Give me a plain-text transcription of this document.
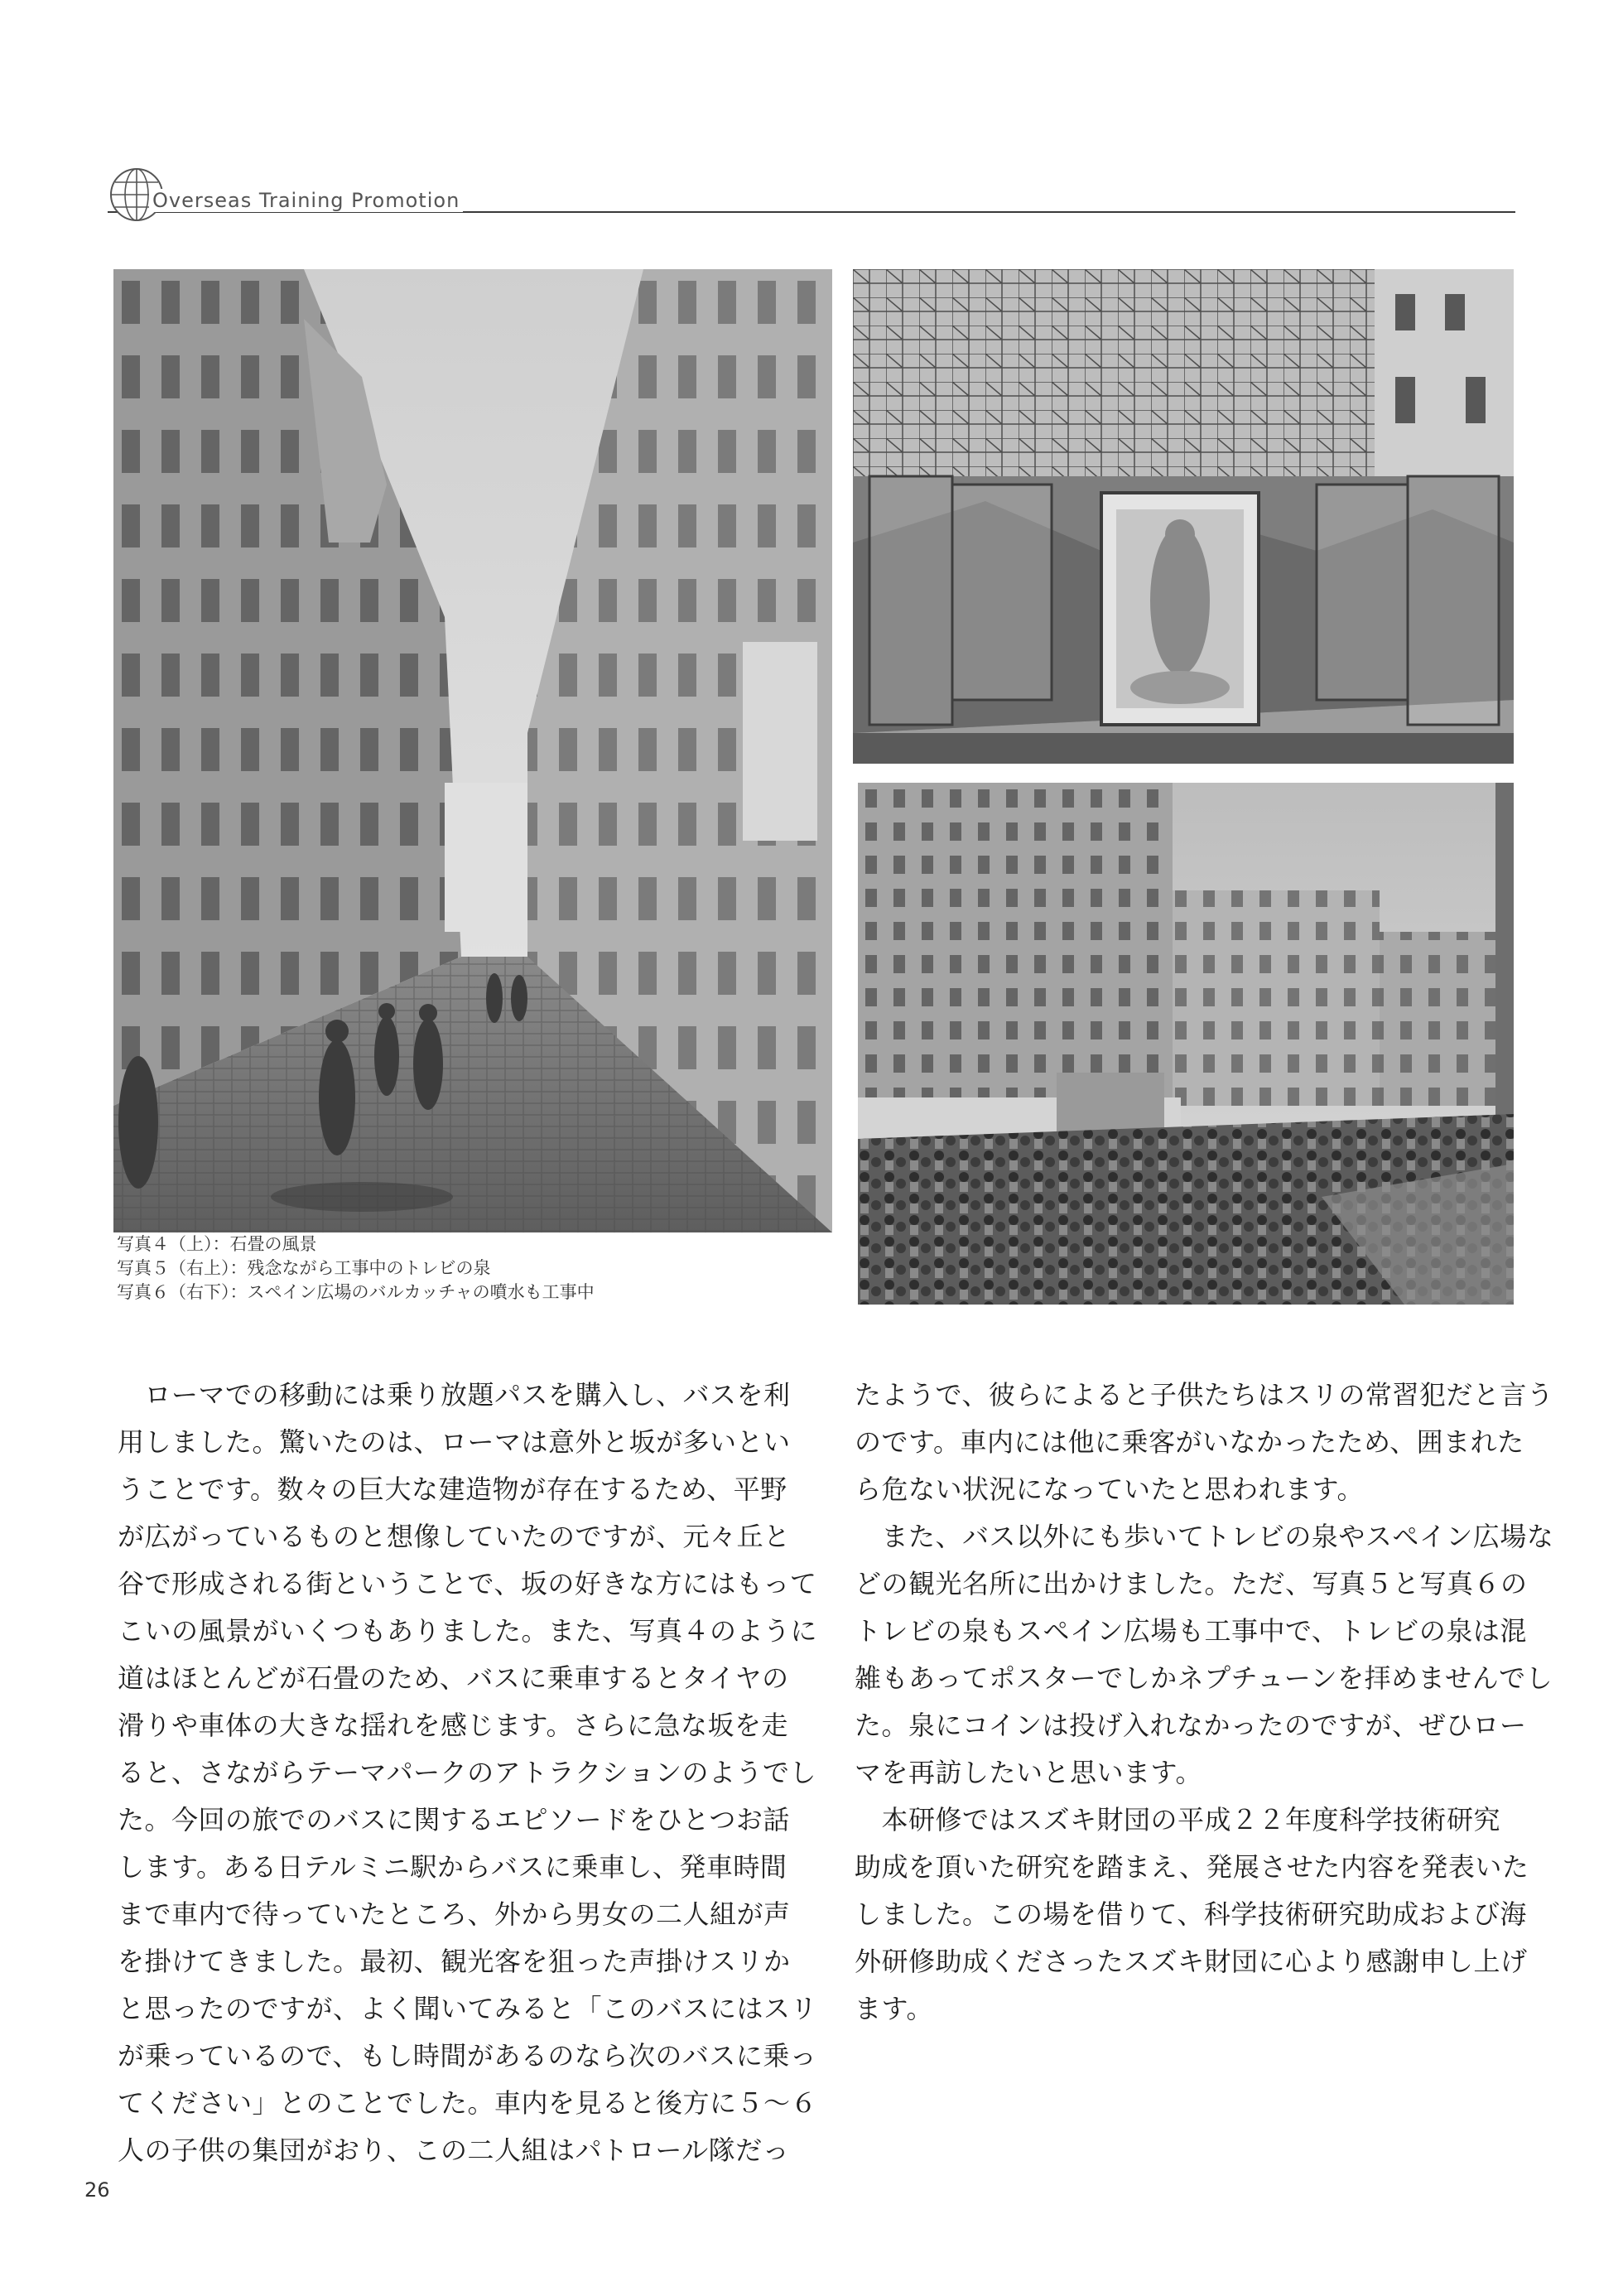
Overseas Training Promotion
写真４（上）：石畳の風景
写真５（右上）：残念ながら工事中のトレビの泉
写真６（右下）：スペイン広場のバルカッチャの噴水も工事中
　ローマでの移動には乗り放題パスを購入し、バスを利
用しました。驚いたのは、ローマは意外と坂が多いとい
うことです。数々の巨大な建造物が存在するため、平野
が広がっているものと想像していたのですが、元々丘と
谷で形成される街ということで、坂の好きな方にはもって
こいの風景がいくつもありました。また、写真４のように
道はほとんどが石畳のため、バスに乗車するとタイヤの
滑りや車体の大きな揺れを感じます。さらに急な坂を走
ると、さながらテーマパークのアトラクションのようでし
た。今回の旅でのバスに関するエピソードをひとつお話
します。ある日テルミニ駅からバスに乗車し、発車時間
まで車内で待っていたところ、外から男女の二人組が声
を掛けてきました。最初、観光客を狙った声掛けスリか
と思ったのですが、よく聞いてみると「このバスにはスリ
が乗っているので、もし時間があるのなら次のバスに乗っ
てください」とのことでした。車内を見ると後方に５〜６
人の子供の集団がおり、この二人組はパトロール隊だっ
たようで、彼らによると子供たちはスリの常習犯だと言う
のです。車内には他に乗客がいなかったため、囲まれた
ら危ない状況になっていたと思われます。
　また、バス以外にも歩いてトレビの泉やスペイン広場な
どの観光名所に出かけました。ただ、写真５と写真６の
トレビの泉もスペイン広場も工事中で、トレビの泉は混
雑もあってポスターでしかネプチューンを拝めませんでし
た。泉にコインは投げ入れなかったのですが、ぜひロー
マを再訪したいと思います。
　本研修ではスズキ財団の平成２２年度科学技術研究
助成を頂いた研究を踏まえ、発展させた内容を発表いた
しました。この場を借りて、科学技術研究助成および海
外研修助成くださったスズキ財団に心より感謝申し上げ
ます。
26
